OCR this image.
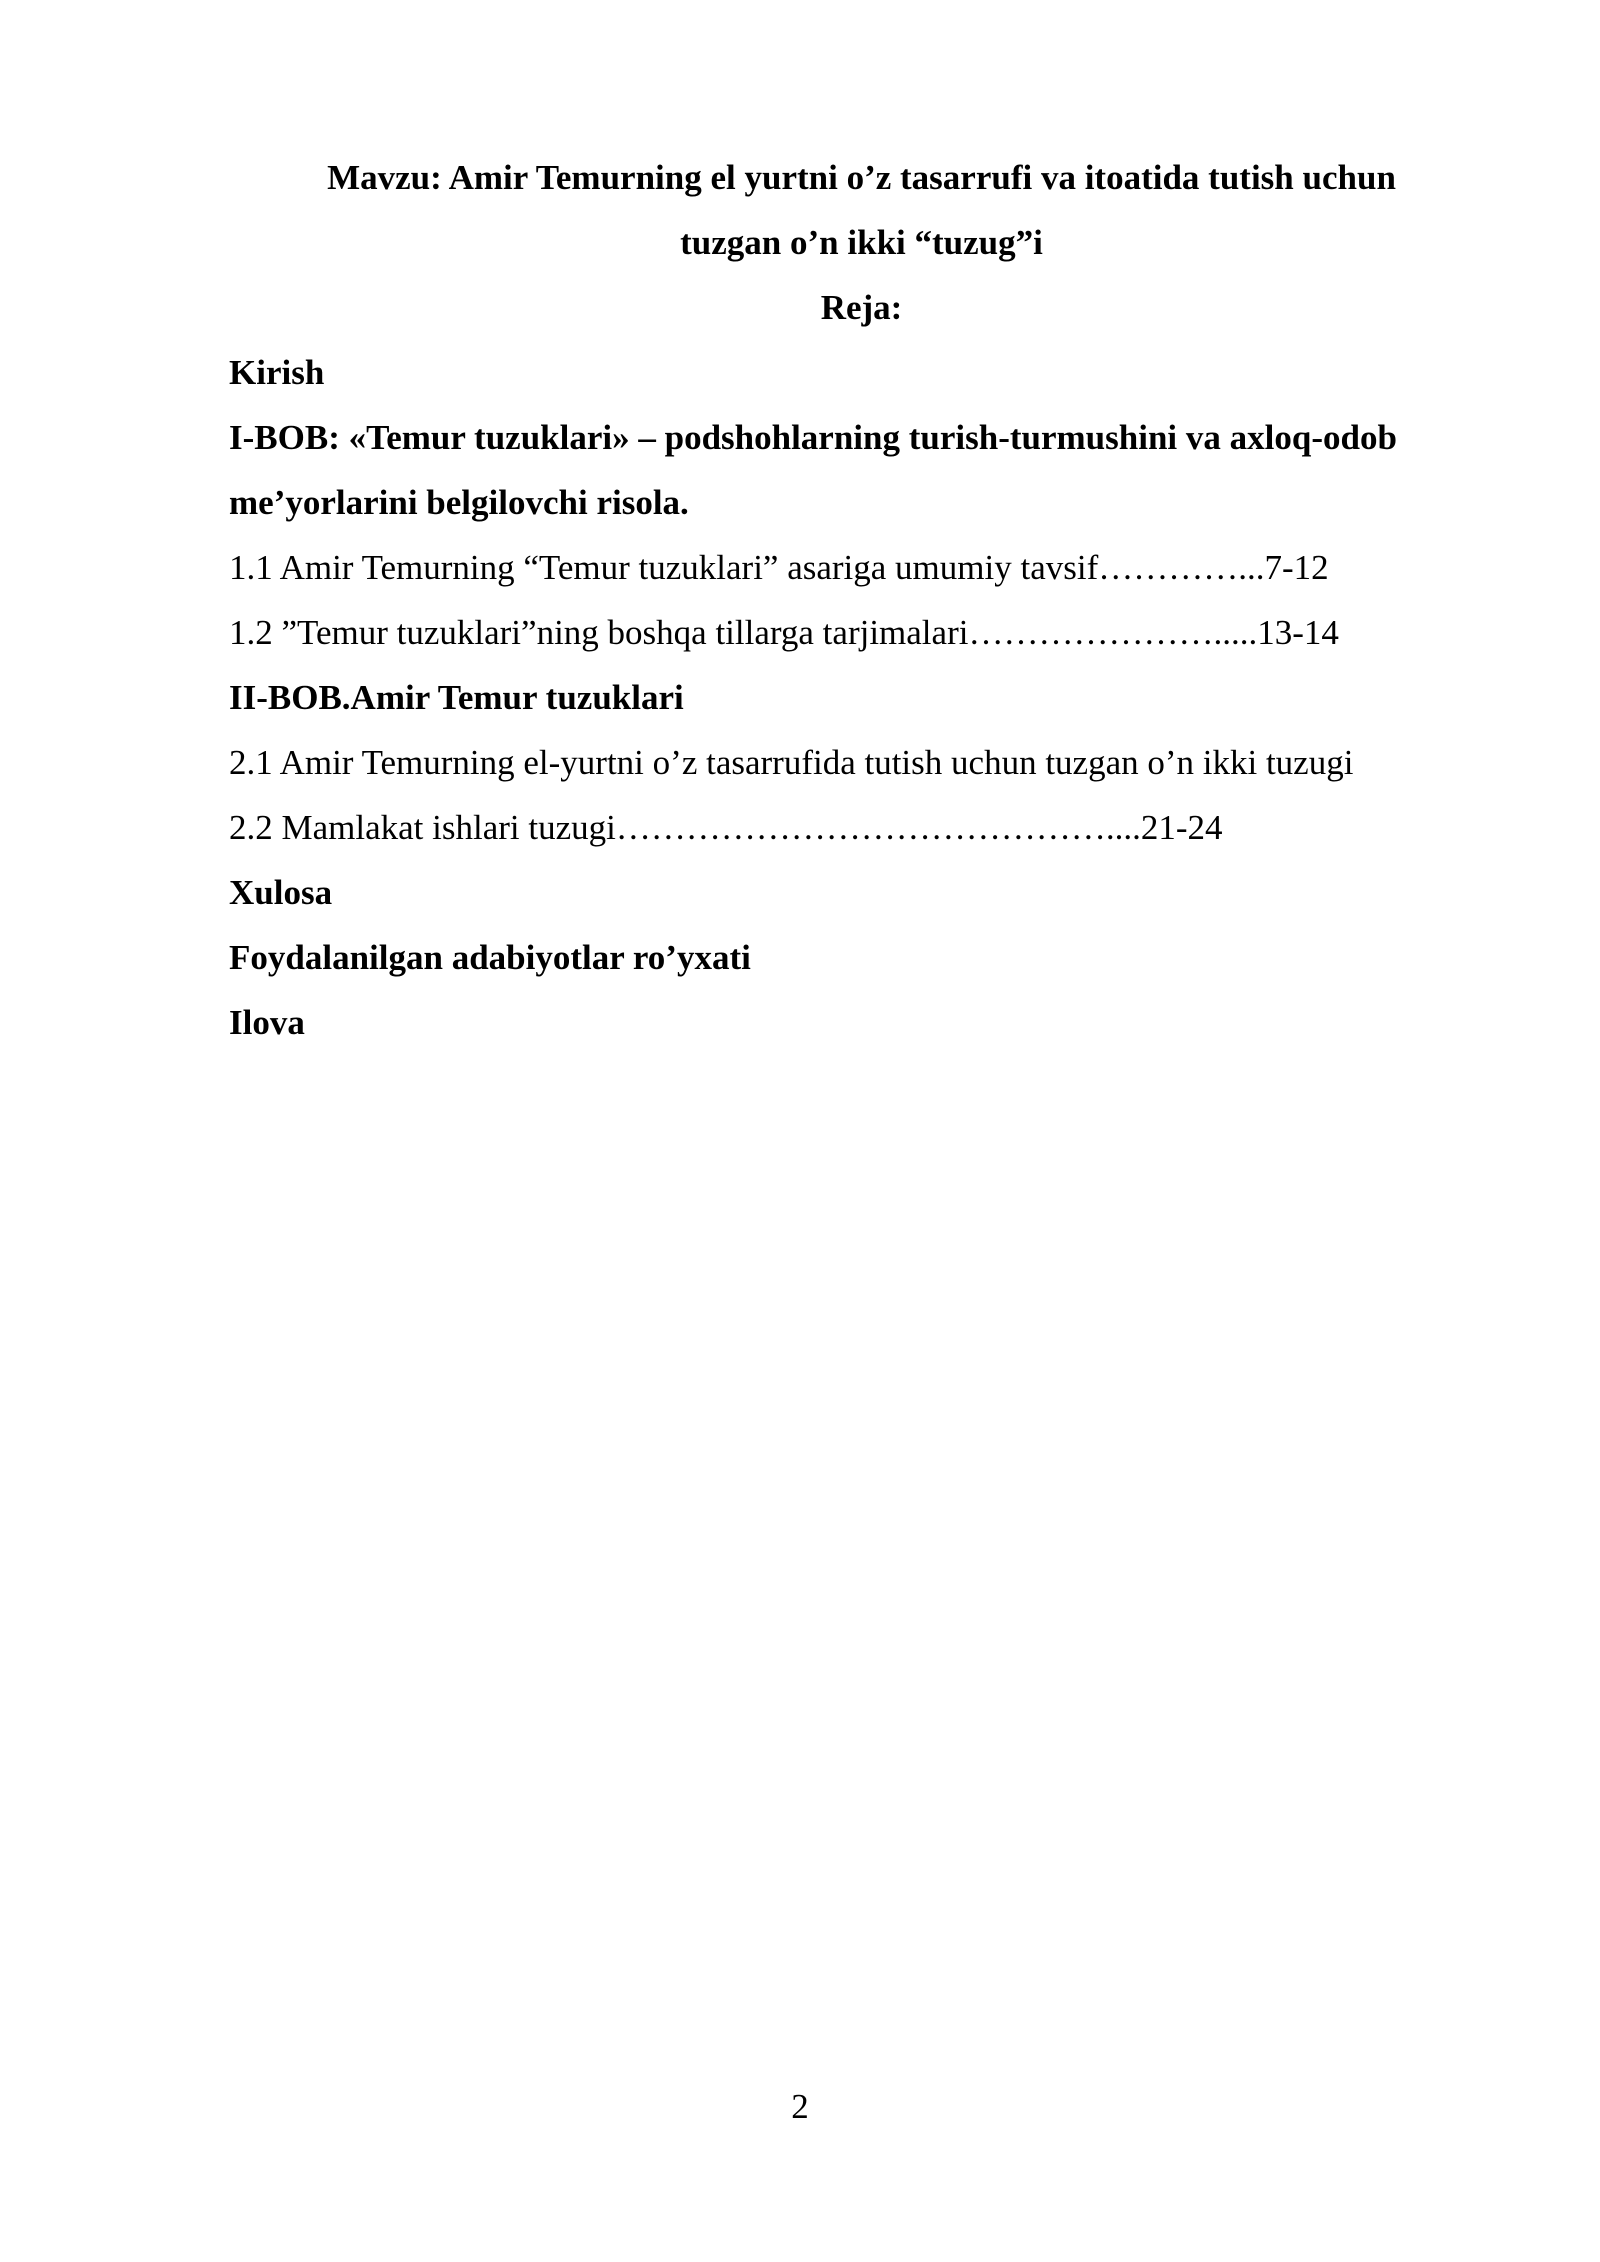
Mavzu: Amir Temurning el yurtni o’z tasarrufi va itoatida tutish uchun
tuzgan o’n ikki “tuzug”i
Reja:
Kirish
I-BOB: «Temur tuzuklari» – podshohlarning turish-turmushini va axloq-odob
me’yorlarini belgilovchi risola.
1.1 Amir Temurning “Temur tuzuklari” asariga umumiy tavsif…………...7-12
1.2 ”Temur tuzuklari”ning boshqa tillarga tarjimalari………………….....13-14
II-BOB.Amir Temur tuzuklari
2.1 Amir Temurning el-yurtni o’z tasarrufida tutish uchun tuzgan o’n ikki tuzugi
2.2 Mamlakat ishlari tuzugi……………………………………....21-24
Xulosa
Foydalanilgan adabiyotlar ro’yxati
Ilova
2
